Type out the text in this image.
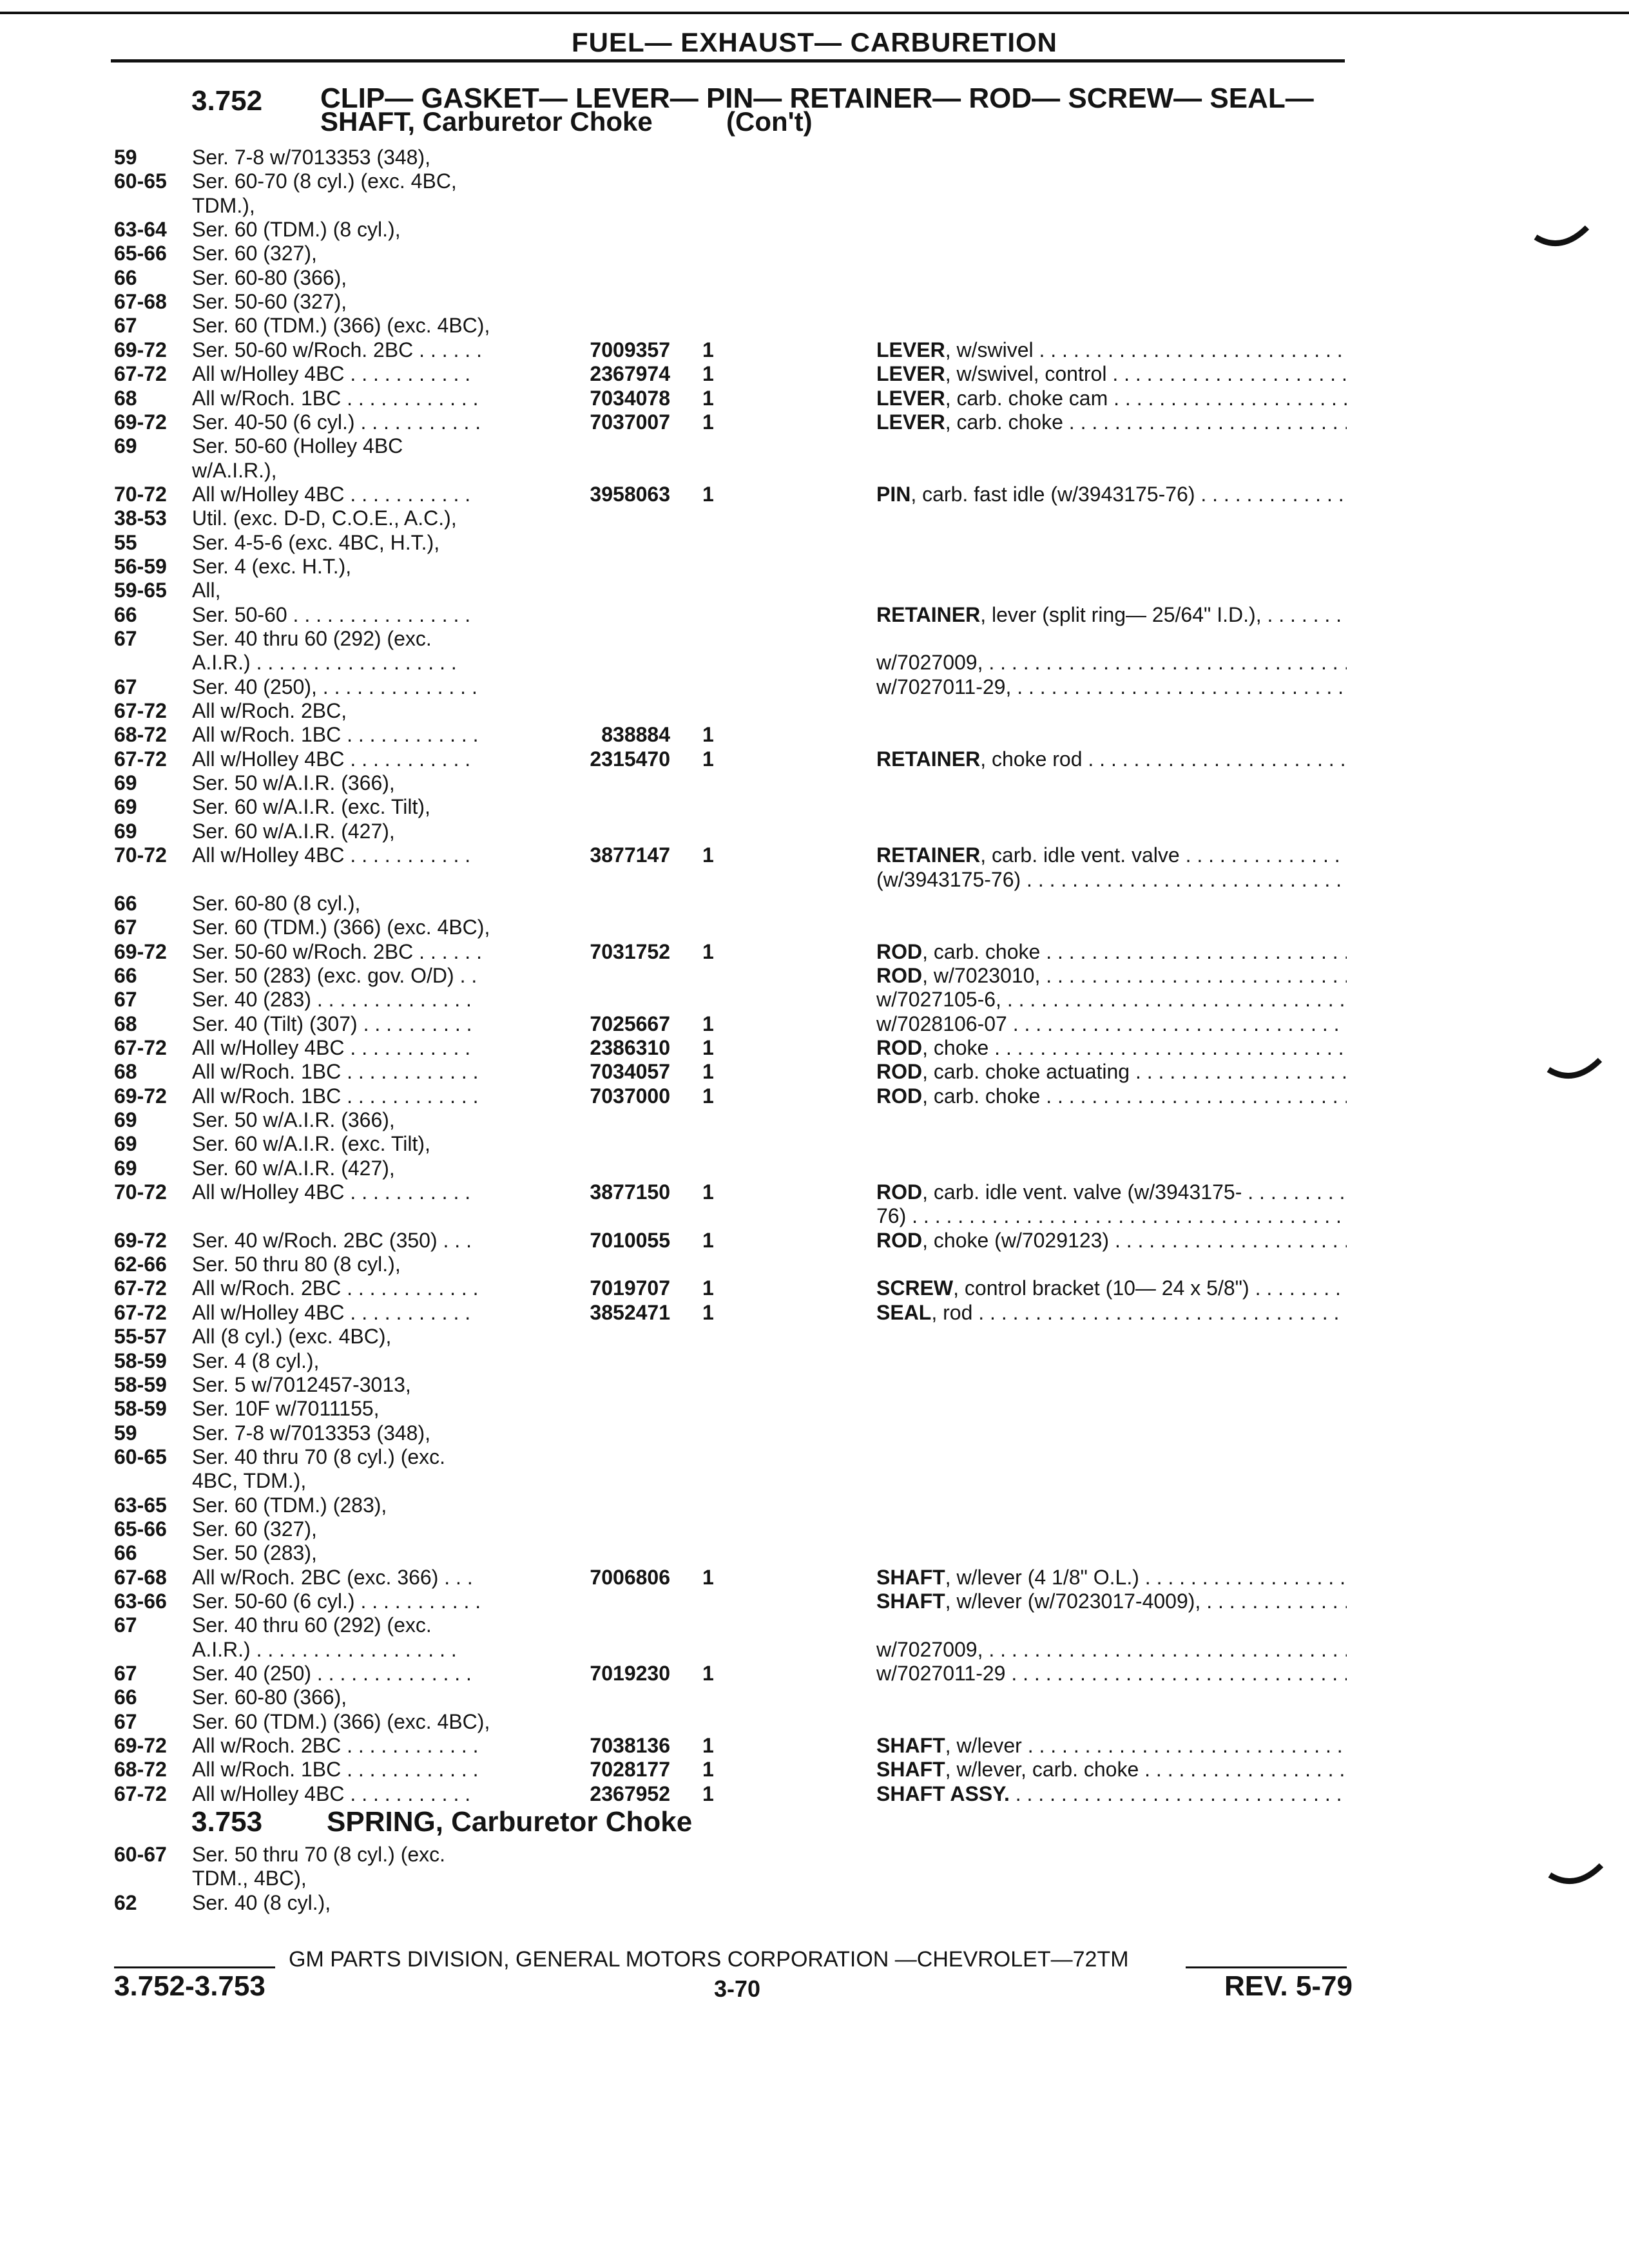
FUEL— EXHAUST— CARBURETION
3.752 CLIP— GASKET— LEVER— PIN— RETAINER— ROD— SCREW— SEAL—
SHAFT, Carburetor Choke	(Con't)
59	Ser. 7-8 w/7013353 (348),
60-65	Ser. 60-70 (8 cyl.) (exc. 4BC,
TDM.),
63-64	Ser. 60 (TDM.) (8 cyl.),
65-66	Ser. 60 (327),
66	Ser. 60-80 (366),
67-68	Ser. 50-60 (327),
67	Ser. 60 (TDM.) (366) (exc. 4BC),
69-72	Ser. 50-60 w/Roch. 2BC . . . . . .	7009357 1	LEVER, w/swivel . . .
67-72	All w/Holley 4BC . . . . . . . . . . .	2367974 1	LEVER, w/swivel, control . . .
68	All w/Roch. 1BC . . . . . . . . . . . .	7034078 1	LEVER, carb. choke cam . . .
69-72	Ser. 40-50 (6 cyl.) . . . . . . . . . . .	7037007 1	LEVER, carb. choke . . .
69	Ser. 50-60 (Holley 4BC
w/A.I.R.),
70-72	All w/Holley 4BC . . . . . . . . . . .	3958063 1	PIN, carb. fast idle (w/3943175-76) . . .
38-53	Util. (exc. D-D, C.O.E., A.C.),
55	Ser. 4-5-6 (exc. 4BC, H.T.),
56-59	Ser. 4 (exc. H.T.),
59-65	All,
66	Ser. 50-60 . . . . . . . . . . . . . . . .	RETAINER, lever (split ring— 25/64" I.D.), . . .
67	Ser. 40 thru 60 (292) (exc.
A.I.R.) . . . . . . . . . . . . . . . . . .	w/7027009, . . .
67	Ser. 40 (250), . . . . . . . . . . . . . .	w/7027011-29, . . .
67-72	All w/Roch. 2BC,
68-72	All w/Roch. 1BC . . . . . . . . . . . .	838884 1
67-72	All w/Holley 4BC . . . . . . . . . . .	2315470 1	RETAINER, choke rod . . .
69	Ser. 50 w/A.I.R. (366),
69	Ser. 60 w/A.I.R. (exc. Tilt),
69	Ser. 60 w/A.I.R. (427),
70-72	All w/Holley 4BC . . . . . . . . . . .	3877147 1	RETAINER, carb. idle vent. valve . . .
(w/3943175-76) . . .
66	Ser. 60-80 (8 cyl.),
67	Ser. 60 (TDM.) (366) (exc. 4BC),
69-72	Ser. 50-60 w/Roch. 2BC . . . . . .	7031752 1	ROD, carb. choke . . .
66	Ser. 50 (283) (exc. gov. O/D) . .	ROD, w/7023010, . . .
67	Ser. 40 (283) . . . . . . . . . . . . . .	w/7027105-6, . . .
68	Ser. 40 (Tilt) (307) . . . . . . . . . .	7025667 1	w/7028106-07 . . .
67-72	All w/Holley 4BC . . . . . . . . . . .	2386310 1	ROD, choke . . .
68	All w/Roch. 1BC . . . . . . . . . . . .	7034057 1	ROD, carb. choke actuating . . .
69-72	All w/Roch. 1BC . . . . . . . . . . . .	7037000 1	ROD, carb. choke . . .
69	Ser. 50 w/A.I.R. (366),
69	Ser. 60 w/A.I.R. (exc. Tilt),
69	Ser. 60 w/A.I.R. (427),
70-72	All w/Holley 4BC . . . . . . . . . . .	3877150 1	ROD, carb. idle vent. valve (w/3943175- . . .
76) . . .
69-72	Ser. 40 w/Roch. 2BC (350) . . .	7010055 1	ROD, choke (w/7029123) . . .
62-66	Ser. 50 thru 80 (8 cyl.),
67-72	All w/Roch. 2BC . . . . . . . . . . . .	7019707 1	SCREW, control bracket (10— 24 x 5/8") . . .
67-72	All w/Holley 4BC . . . . . . . . . . .	3852471 1	SEAL, rod . . .
55-57	All (8 cyl.) (exc. 4BC),
58-59	Ser. 4 (8 cyl.),
58-59	Ser. 5 w/7012457-3013,
58-59	Ser. 10F w/7011155,
59	Ser. 7-8 w/7013353 (348),
60-65	Ser. 40 thru 70 (8 cyl.) (exc.
4BC, TDM.),
63-65	Ser. 60 (TDM.) (283),
65-66	Ser. 60 (327),
66	Ser. 50 (283),
67-68	All w/Roch. 2BC (exc. 366) . . .	7006806 1	SHAFT, w/lever (4 1/8" O.L.) . . .
63-66	Ser. 50-60 (6 cyl.) . . . . . . . . . . .	SHAFT, w/lever (w/7023017-4009), . . .
67	Ser. 40 thru 60 (292) (exc.
A.I.R.) . . . . . . . . . . . . . . . . . .	w/7027009, . . .
67	Ser. 40 (250) . . . . . . . . . . . . . .	7019230 1	w/7027011-29 . . .
66	Ser. 60-80 (366),
67	Ser. 60 (TDM.) (366) (exc. 4BC),
69-72	All w/Roch. 2BC . . . . . . . . . . . .	7038136 1	SHAFT, w/lever . . .
68-72	All w/Roch. 1BC . . . . . . . . . . . .	7028177 1	SHAFT, w/lever, carb. choke . . .
67-72	All w/Holley 4BC . . . . . . . . . . .	2367952 1	SHAFT ASSY. . . .
3.753 SPRING, Carburetor Choke
60-67	Ser. 50 thru 70 (8 cyl.) (exc.
TDM., 4BC),
62	Ser. 40 (8 cyl.),
GM PARTS DIVISION, GENERAL MOTORS CORPORATION —CHEVROLET—72TM
3.752-3.753	3-70	REV. 5-79
